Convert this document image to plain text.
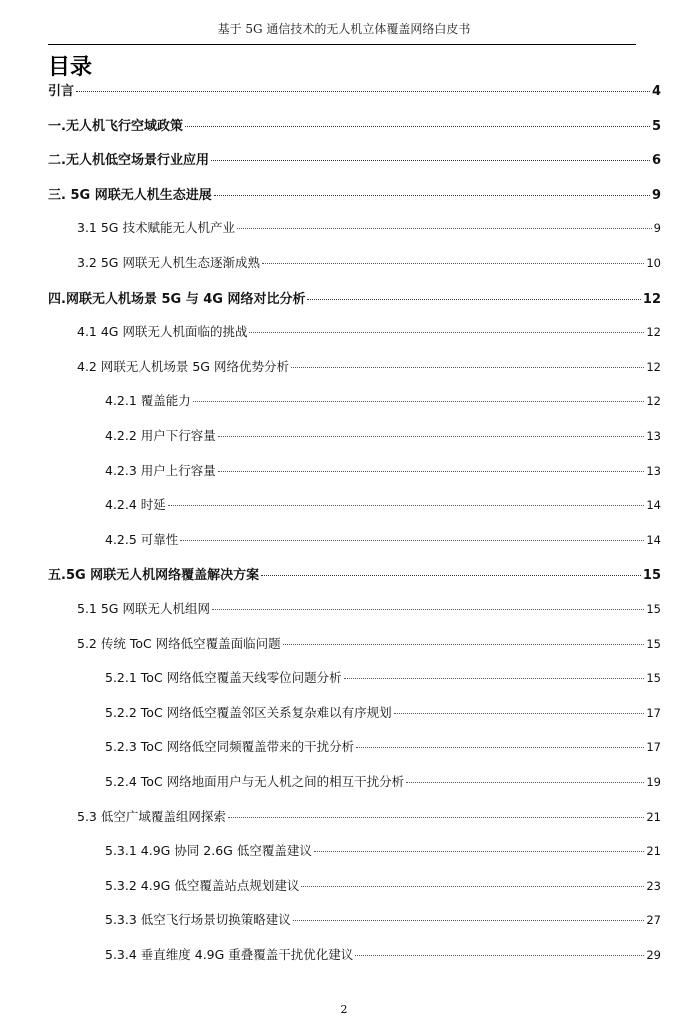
基于 5G 通信技术的无人机立体覆盖网络白皮书
目录
引言	4
一.无人机飞行空域政策	5
二.无人机低空场景行业应用	6
三. 5G 网联无人机生态进展	9
3.1 5G 技术赋能无人机产业	9
3.2 5G 网联无人机生态逐渐成熟	10
四.网联无人机场景 5G 与 4G 网络对比分析	12
4.1 4G 网联无人机面临的挑战	12
4.2 网联无人机场景 5G 网络优势分析	12
4.2.1 覆盖能力	12
4.2.2 用户下行容量	13
4.2.3 用户上行容量	13
4.2.4 时延	14
4.2.5 可靠性	14
五.5G 网联无人机网络覆盖解决方案	15
5.1 5G 网联无人机组网	15
5.2 传统 ToC 网络低空覆盖面临问题	15
5.2.1 ToC 网络低空覆盖天线零位问题分析	15
5.2.2 ToC 网络低空覆盖邻区关系复杂难以有序规划	17
5.2.3 ToC 网络低空同频覆盖带来的干扰分析	17
5.2.4 ToC 网络地面用户与无人机之间的相互干扰分析	19
5.3 低空广域覆盖组网探索	21
5.3.1 4.9G 协同 2.6G 低空覆盖建议	21
5.3.2 4.9G 低空覆盖站点规划建议	23
5.3.3 低空飞行场景切换策略建议	27
5.3.4 垂直维度 4.9G 重叠覆盖干扰优化建议	29
2
